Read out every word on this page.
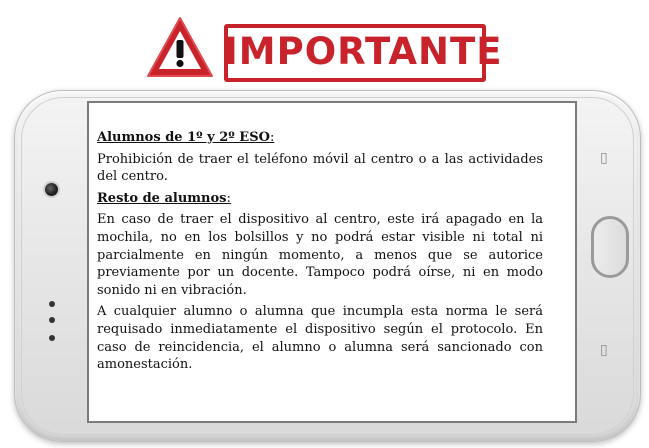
IMPORTANTE
▯
▯

Alumnos de 1º y 2º ESO:

Prohibición de traer el teléfono móvil al centro o a las actividades del centro.

Resto de alumnos:

En caso de traer el dispositivo al centro, este irá apagado en la mochila, no en los bolsillos y no podrá estar visible ni total ni parcialmente en ningún momento, a menos que se autorice previamente por un docente. Tampoco podrá oírse, ni en modo sonido ni en vibración.

A cualquier alumno o alumna que incumpla esta norma le será requisado inmediatamente el dispositivo según el protocolo. En caso de reincidencia, el alumno o alumna será sancionado con amonestación.
